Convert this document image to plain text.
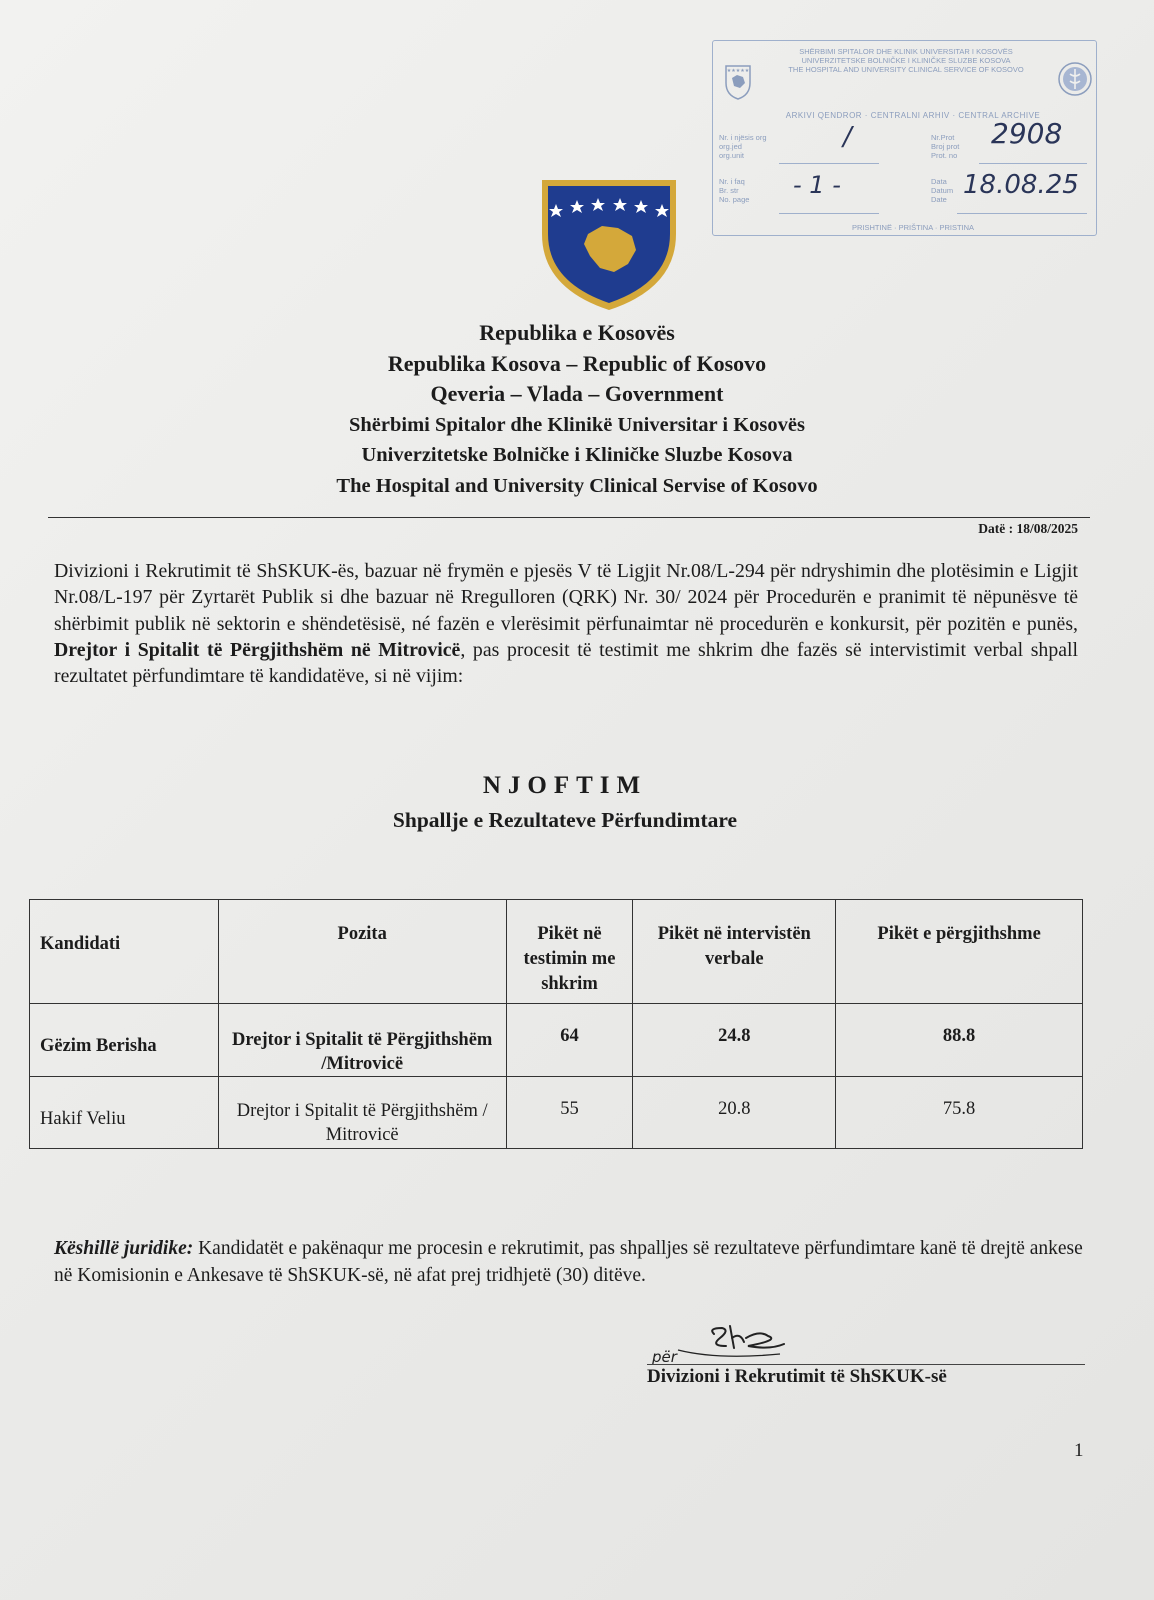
★★★★★
SHËRBIMI SPITALOR DHE KLINIK UNIVERSITAR I KOSOVËS
UNIVERZITETSKE BOLNIČKE I KLINIČKE SLUZBE KOSOVA
THE HOSPITAL AND UNIVERSITY CLINICAL SERVICE OF KOSOVO
ARKIVI QENDROR · CENTRALNI ARHIV · CENTRAL ARCHIVE
Nr. i njësis org
org.jed
org.unit
/	Nr.Prot
Broj prot
Prot. no
2908
Nr. i faq
Br. str
No. page
- 1 -	Data
Datum
Date 18.08.25
PRISHTINË · PRIŠTINA · PRISTINA
Republika e Kosovës
Republika Kosova – Republic of Kosovo
Qeveria – Vlada – Government
Shërbimi Spitalor dhe Klinikë Universitar i Kosovës
Univerzitetske Bolničke i Kliničke Sluzbe Kosova
The Hospital and University Clinical Servise of Kosovo
Datë : 18/08/2025
Divizioni i Rekrutimit të ShSKUK-ës, bazuar në frymën e pjesës V të Ligjit Nr.08/L-294 për ndryshimin dhe plotësimin e Ligjit Nr.08/L-197 për Zyrtarët Publik si dhe bazuar në Rregulloren (QRK) Nr. 30/ 2024 për Procedurën e pranimit të nëpunësve të shërbimit publik në sektorin e shëndetësisë, né fazën e vlerësimit përfunaimtar në procedurën e konkursit, për pozitën e punës, Drejtor i Spitalit të Përgjithshëm në Mitrovicë, pas procesit të testimit me shkrim dhe fazës së intervistimit verbal shpall rezultatet përfundimtare të kandidatëve, si në vijim:
NJOFTIM
Shpallje e Rezultateve Përfundimtare
Kandidati	Pozita	Pikët në testimin me shkrim	Pikët në intervistën verbale	Pikët e përgjithshme
Gëzim Berisha	Drejtor i Spitalit të Përgjithshëm /Mitrovicë	64	24.8	88.8
Hakif Veliu	Drejtor i Spitalit të Përgjithshëm / Mitrovicë	55	20.8	75.8
Këshillë juridike: Kandidatët e pakënaqur me procesin e rekrutimit, pas shpalljes së rezultateve përfundimtare kanë të drejtë ankese në Komisionin e Ankesave të ShSKUK-së, në afat prej tridhjetë (30) ditëve.
për
Divizioni i Rekrutimit të ShSKUK-së
1
